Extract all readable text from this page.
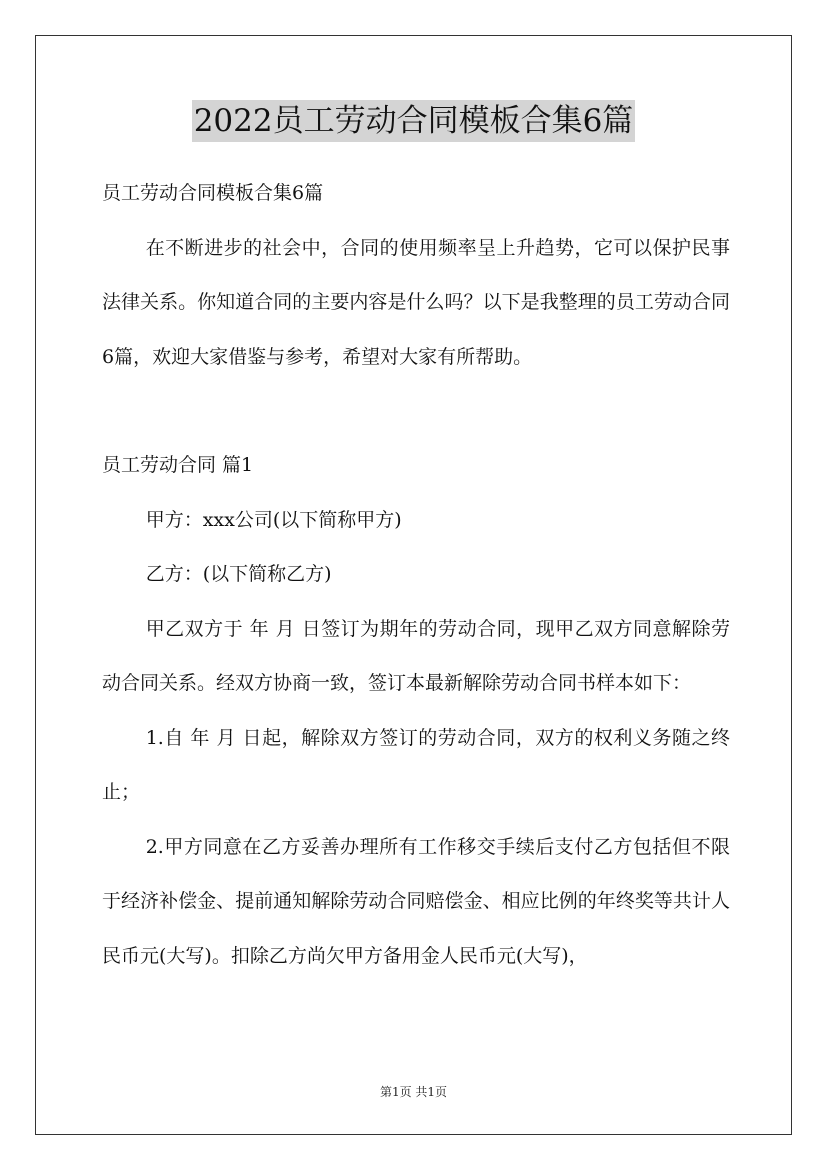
2022员工劳动合同模板合集6篇

员工劳动合同模板合集6篇

在不断进步的社会中，合同的使用频率呈上升趋势，它可以保护民事法律关系。你知道合同的主要内容是什么吗？以下是我整理的员工劳动合同6篇，欢迎大家借鉴与参考，希望对大家有所帮助。

员工劳动合同 篇1

甲方：xxx公司(以下简称甲方)

乙方：(以下简称乙方)

甲乙双方于 年 月 日签订为期年的劳动合同，现甲乙双方同意解除劳动合同关系。经双方协商一致，签订本最新解除劳动合同书样本如下：

1.自 年 月 日起，解除双方签订的劳动合同，双方的权利义务随之终止；

2.甲方同意在乙方妥善办理所有工作移交手续后支付乙方包括但不限于经济补偿金、提前通知解除劳动合同赔偿金、相应比例的年终奖等共计人民币元(大写)。扣除乙方尚欠甲方备用金人民币元(大写)，

第1页 共1页
